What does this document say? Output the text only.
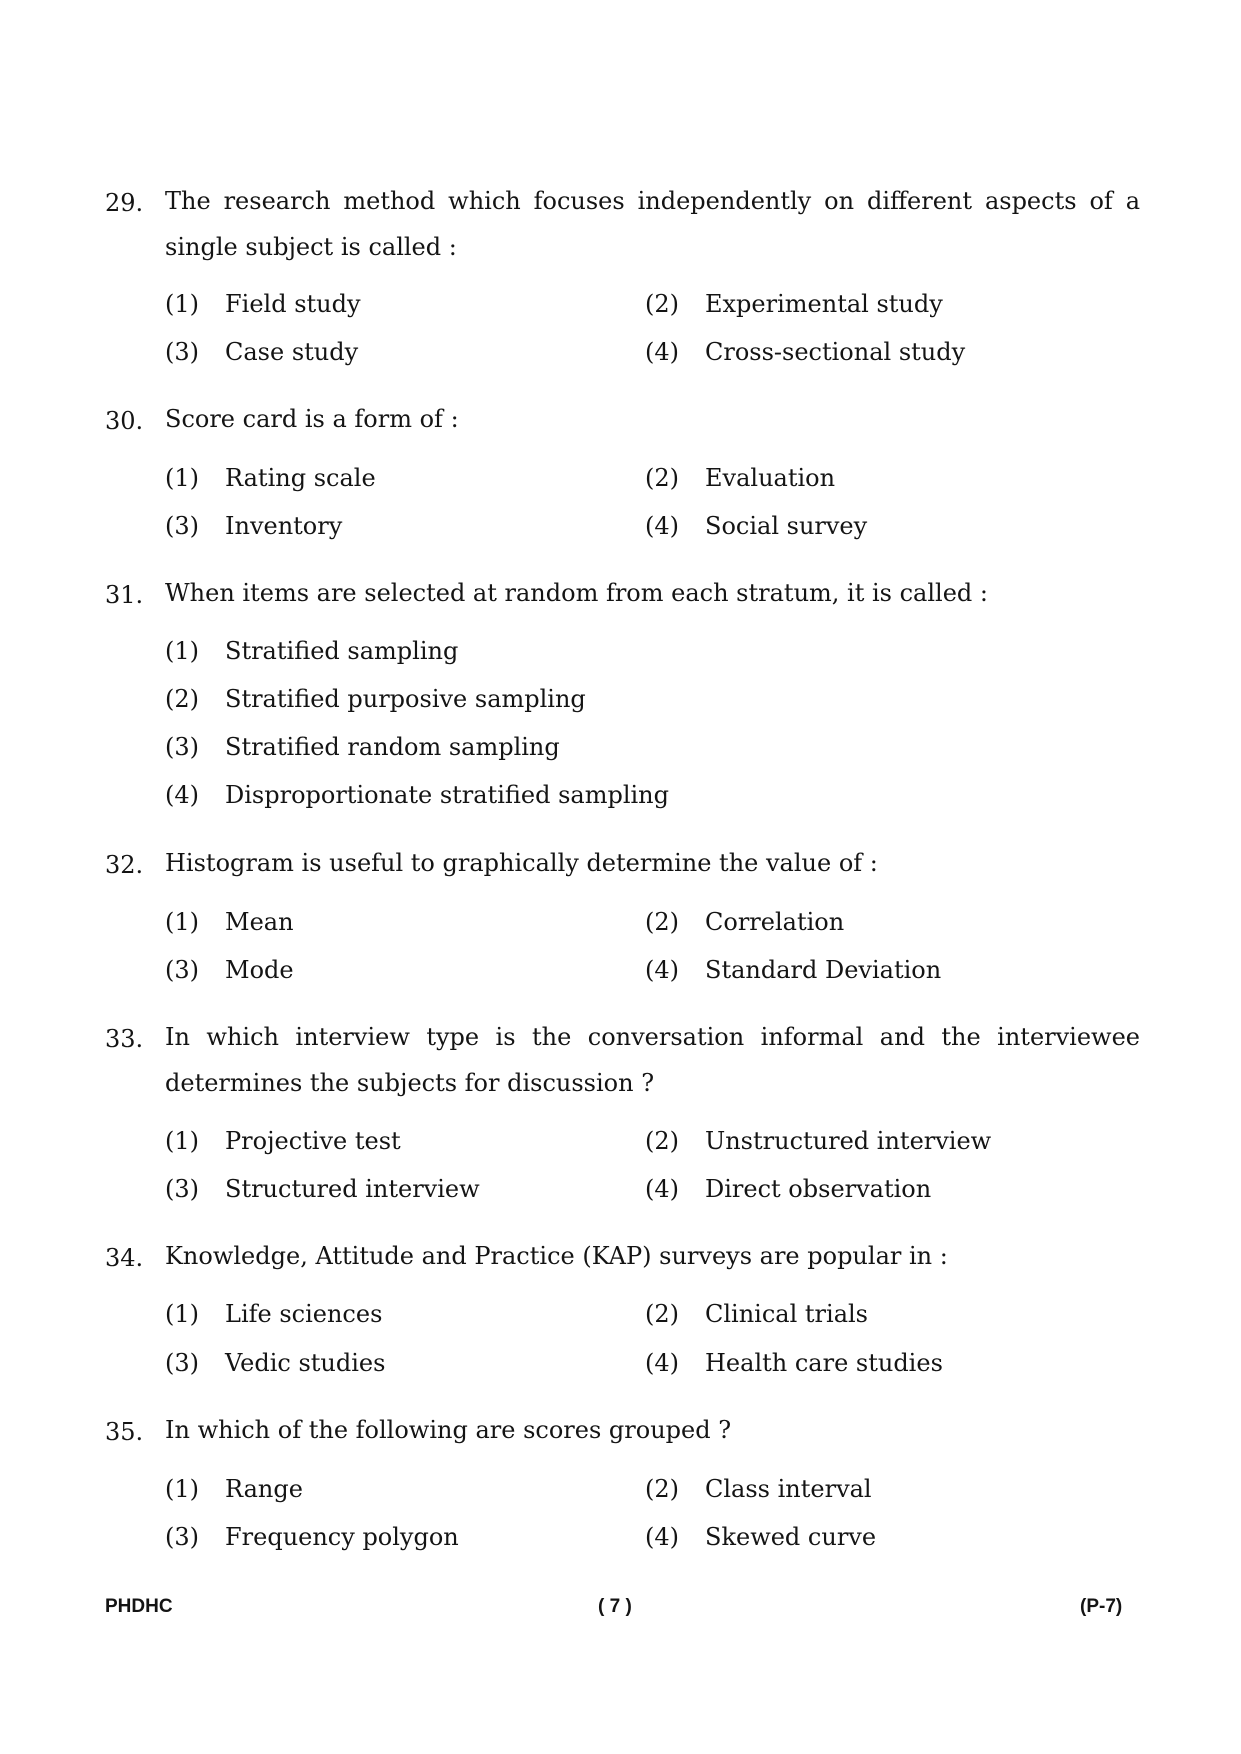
29. The research method which focuses independently on different aspects of a single subject is called :
(1) Field study	(2) Experimental study
(3) Case study	(4) Cross-sectional study
30. Score card is a form of :
(1) Rating scale	(2) Evaluation
(3) Inventory	(4) Social survey
31. When items are selected at random from each stratum, it is called :
(1) Stratified sampling
(2) Stratified purposive sampling
(3) Stratified random sampling
(4) Disproportionate stratified sampling
32. Histogram is useful to graphically determine the value of :
(1) Mean	(2) Correlation
(3) Mode	(4) Standard Deviation
33. In which interview type is the conversation informal and the interviewee determines the subjects for discussion ?
(1) Projective test	(2) Unstructured interview
(3) Structured interview	(4) Direct observation
34. Knowledge, Attitude and Practice (KAP) surveys are popular in :
(1) Life sciences	(2) Clinical trials
(3) Vedic studies	(4) Health care studies
35. In which of the following are scores grouped ?
(1) Range	(2) Class interval
(3) Frequency polygon	(4) Skewed curve
PHDHC	( 7 )	(P-7)
